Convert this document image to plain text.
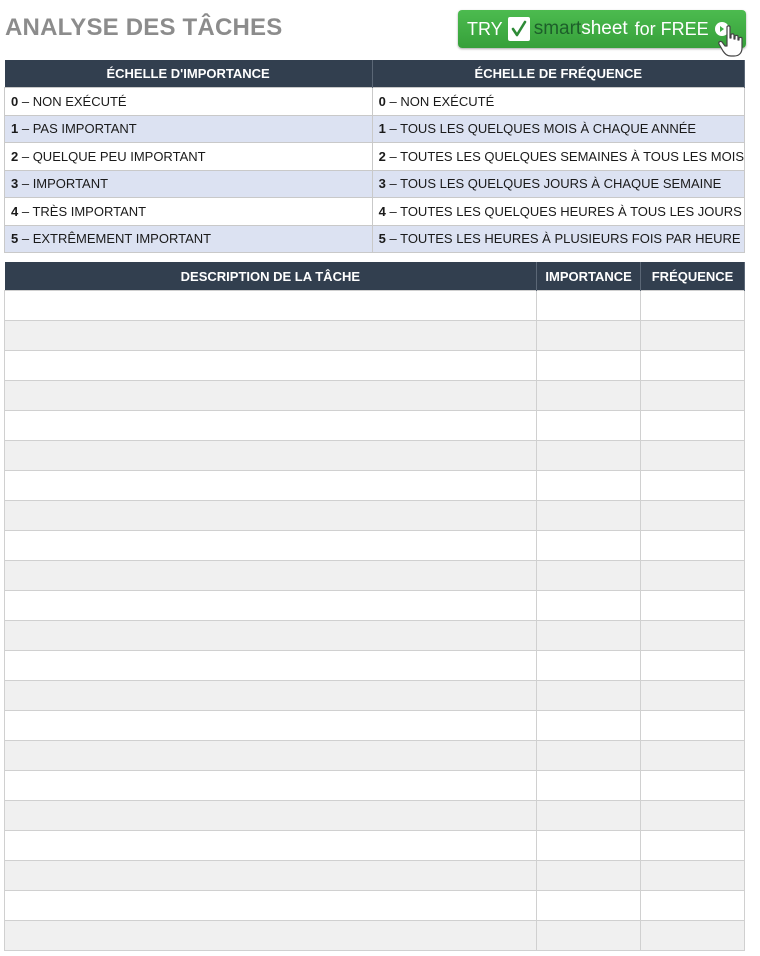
ANALYSE DES TÂCHES	TRY smartsheet for FREE
ÉCHELLE D'IMPORTANCE	ÉCHELLE DE FRÉQUENCE
0 – NON EXÉCUTÉ	0 – NON EXÉCUTÉ
1 – PAS IMPORTANT	1 – TOUS LES QUELQUES MOIS À CHAQUE ANNÉE
2 – QUELQUE PEU IMPORTANT	2 – TOUTES LES QUELQUES SEMAINES À TOUS LES MOIS
3 – IMPORTANT	3 – TOUS LES QUELQUES JOURS À CHAQUE SEMAINE
4 – TRÈS IMPORTANT	4 – TOUTES LES QUELQUES HEURES À TOUS LES JOURS
5 – EXTRÊMEMENT IMPORTANT	5 – TOUTES LES HEURES À PLUSIEURS FOIS PAR HEURE
DESCRIPTION DE LA TÂCHE	IMPORTANCE	FRÉQUENCE
